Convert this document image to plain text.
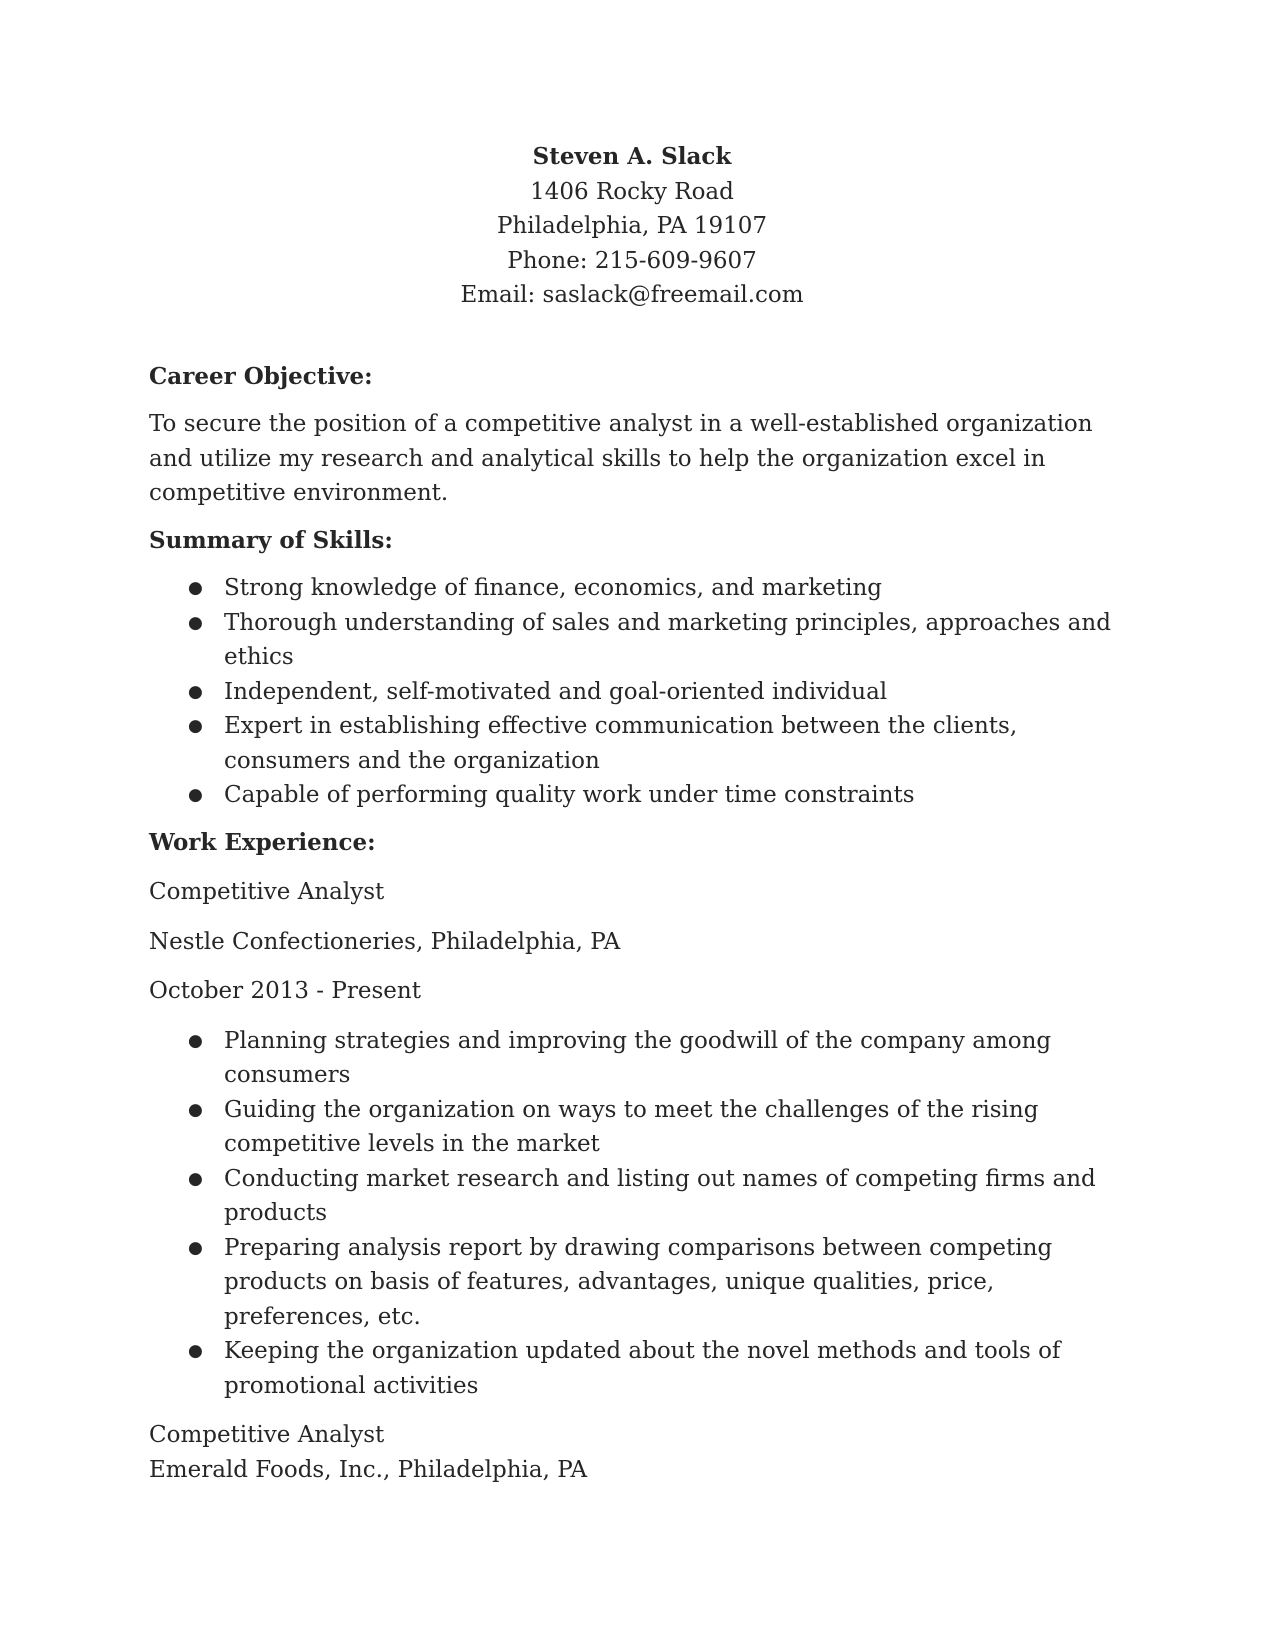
Steven A. Slack
1406 Rocky Road
Philadelphia, PA 19107
Phone: 215-609-9607
Email: saslack@freemail.com
Career Objective:
To secure the position of a competitive analyst in a well-established organization and utilize my research and analytical skills to help the organization excel in competitive environment.
Summary of Skills:
● Strong knowledge of finance, economics, and marketing
● Thorough understanding of sales and marketing principles, approaches and ethics
● Independent, self-motivated and goal-oriented individual
● Expert in establishing effective communication between the clients, consumers and the organization
● Capable of performing quality work under time constraints
Work Experience:
Competitive Analyst
Nestle Confectioneries, Philadelphia, PA
October 2013 - Present
● Planning strategies and improving the goodwill of the company among consumers
● Guiding the organization on ways to meet the challenges of the rising competitive levels in the market
● Conducting market research and listing out names of competing firms and products
● Preparing analysis report by drawing comparisons between competing products on basis of features, advantages, unique qualities, price, preferences, etc.
● Keeping the organization updated about the novel methods and tools of promotional activities
Competitive Analyst
Emerald Foods, Inc., Philadelphia, PA
